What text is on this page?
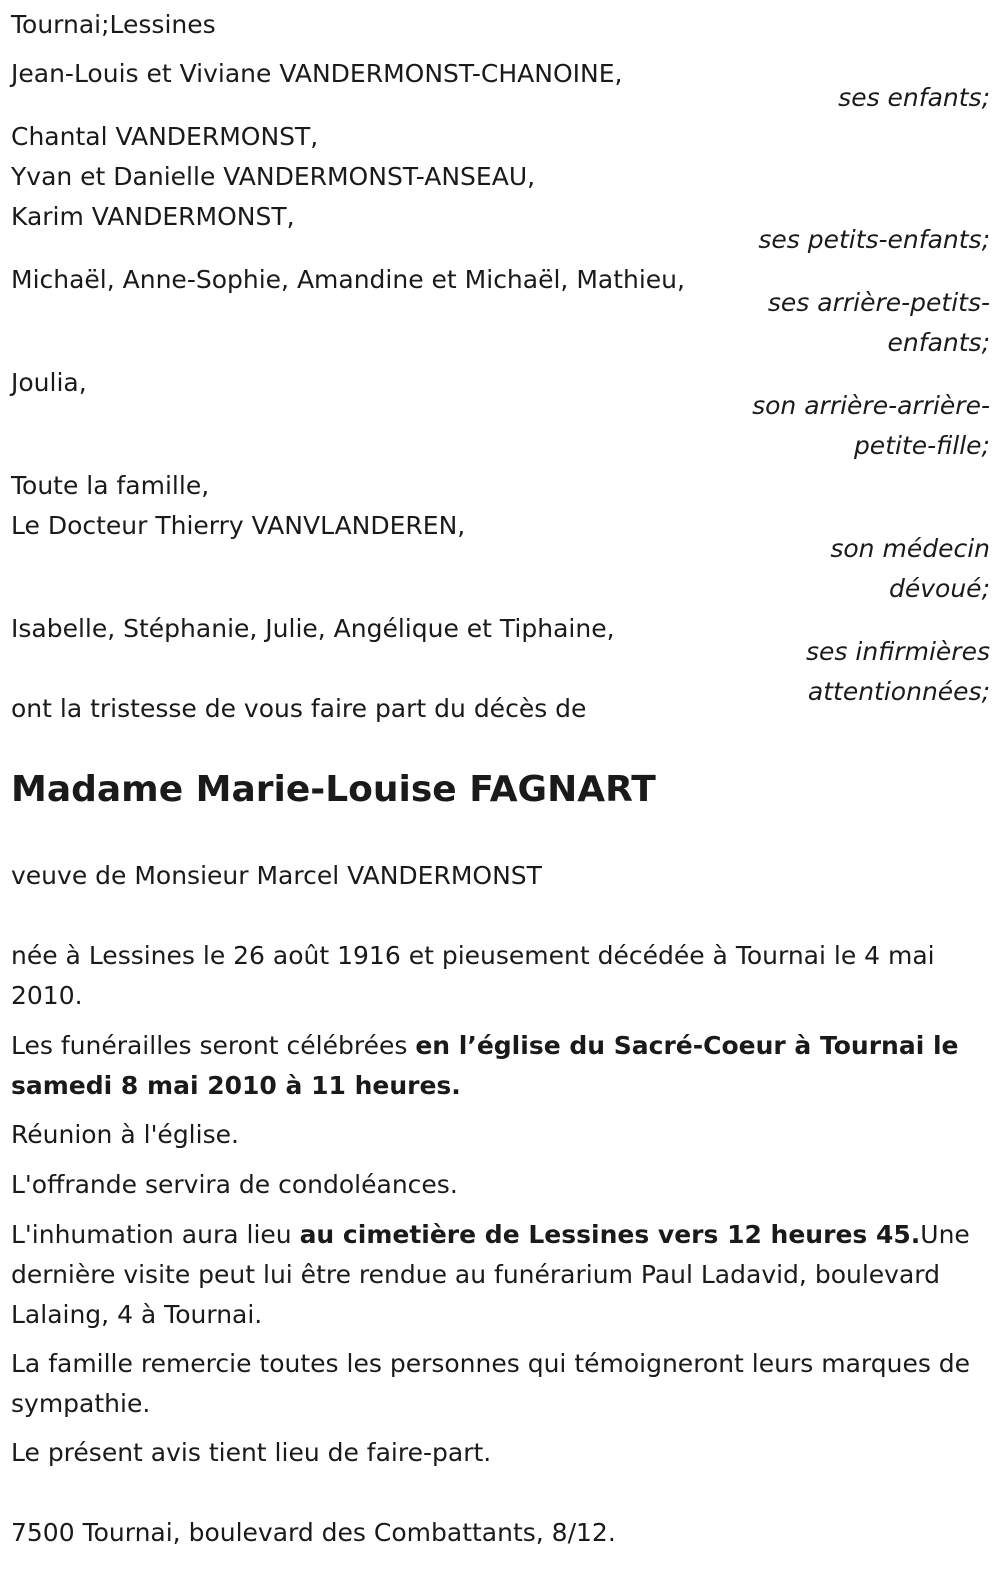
Tournai;Lessines

Jean-Louis et Viviane VANDERMONST-CHANOINE,

ses enfants;

Chantal VANDERMONST,

Yvan et Danielle VANDERMONST-ANSEAU,

Karim VANDERMONST,

ses petits-enfants;

Michaël, Anne-Sophie, Amandine et Michaël, Mathieu,

ses arrière-petits-

enfants;

Joulia,

son arrière-arrière-

petite-fille;

Toute la famille,

Le Docteur Thierry VANVLANDEREN,

son médecin

dévoué;

Isabelle, Stéphanie, Julie, Angélique et Tiphaine,

ses infirmières

attentionnées;

ont la tristesse de vous faire part du décès de

Madame Marie-Louise FAGNART

veuve de Monsieur Marcel VANDERMONST

née à Lessines le 26 août 1916 et pieusement décédée à Tournai le 4 mai 2010.

Les funérailles seront célébrées en l’église du Sacré-Coeur à Tournai le samedi 8 mai 2010 à 11 heures.

Réunion à l'église.

L'offrande servira de condoléances.

L'inhumation aura lieu au cimetière de Lessines vers 12 heures 45.Une dernière visite peut lui être rendue au funérarium Paul Ladavid, boulevard Lalaing, 4 à Tournai.

La famille remercie toutes les personnes qui témoigneront leurs marques de sympathie.

Le présent avis tient lieu de faire-part.

7500 Tournai, boulevard des Combattants, 8/12.
